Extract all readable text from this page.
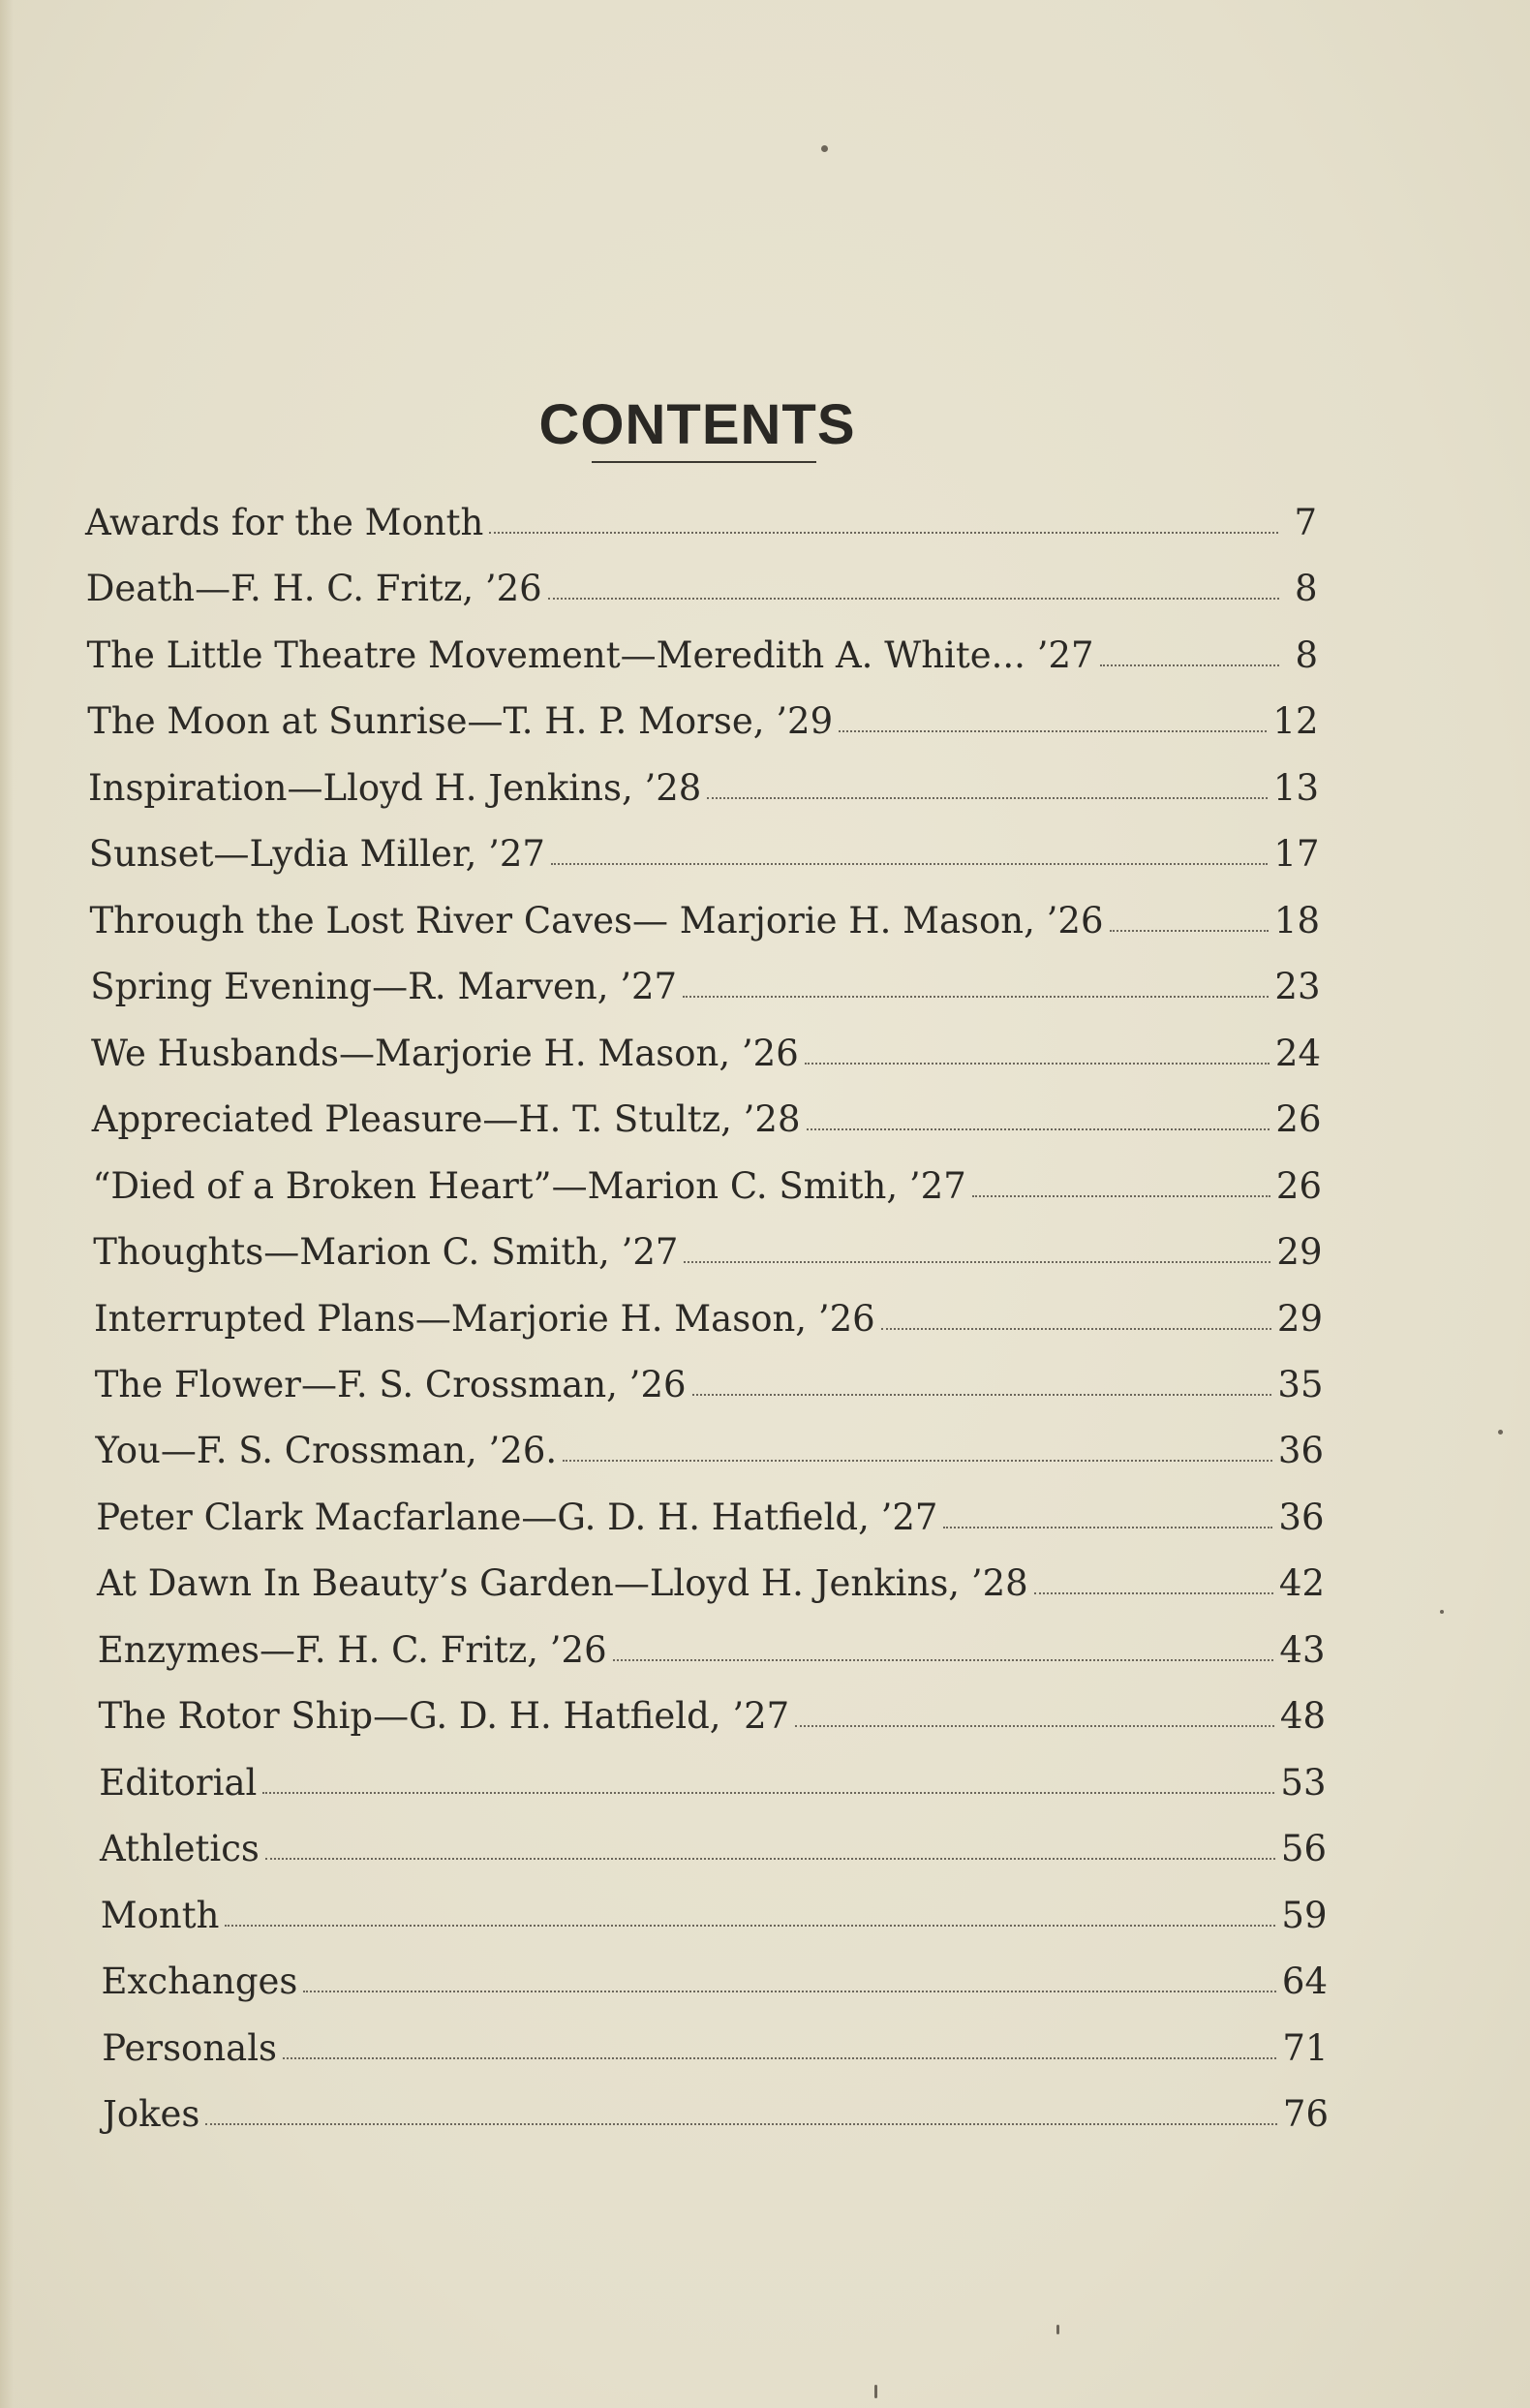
CONTENTS
Awards for the Month	7
Death—F. H. C. Fritz, ’26	8
The Little Theatre Movement—Meredith A. White... ’27	8
The Moon at Sunrise—T. H. P. Morse, ’29	12
Inspiration—Lloyd H. Jenkins, ’28	13
Sunset—Lydia Miller, ’27	17
Through the Lost River Caves— Marjorie H. Mason, ’26	18
Spring Evening—R. Marven, ’27	23
We Husbands—Marjorie H. Mason, ’26	24
Appreciated Pleasure—H. T. Stultz, ’28	26
“Died of a Broken Heart”—Marion C. Smith, ’27	26
Thoughts—Marion C. Smith, ’27	29
Interrupted Plans—Marjorie H. Mason, ’26	29
The Flower—F. S. Crossman, ’26	35
You—F. S. Crossman, ’26.	36
Peter Clark Macfarlane—G. D. H. Hatfield, ’27	36
At Dawn In Beauty’s Garden—Lloyd H. Jenkins, ’28	42
Enzymes—F. H. C. Fritz, ’26	43
The Rotor Ship—G. D. H. Hatfield, ’27	48
Editorial	53
Athletics	56
Month	59
Exchanges	64
Personals	71
Jokes	76
